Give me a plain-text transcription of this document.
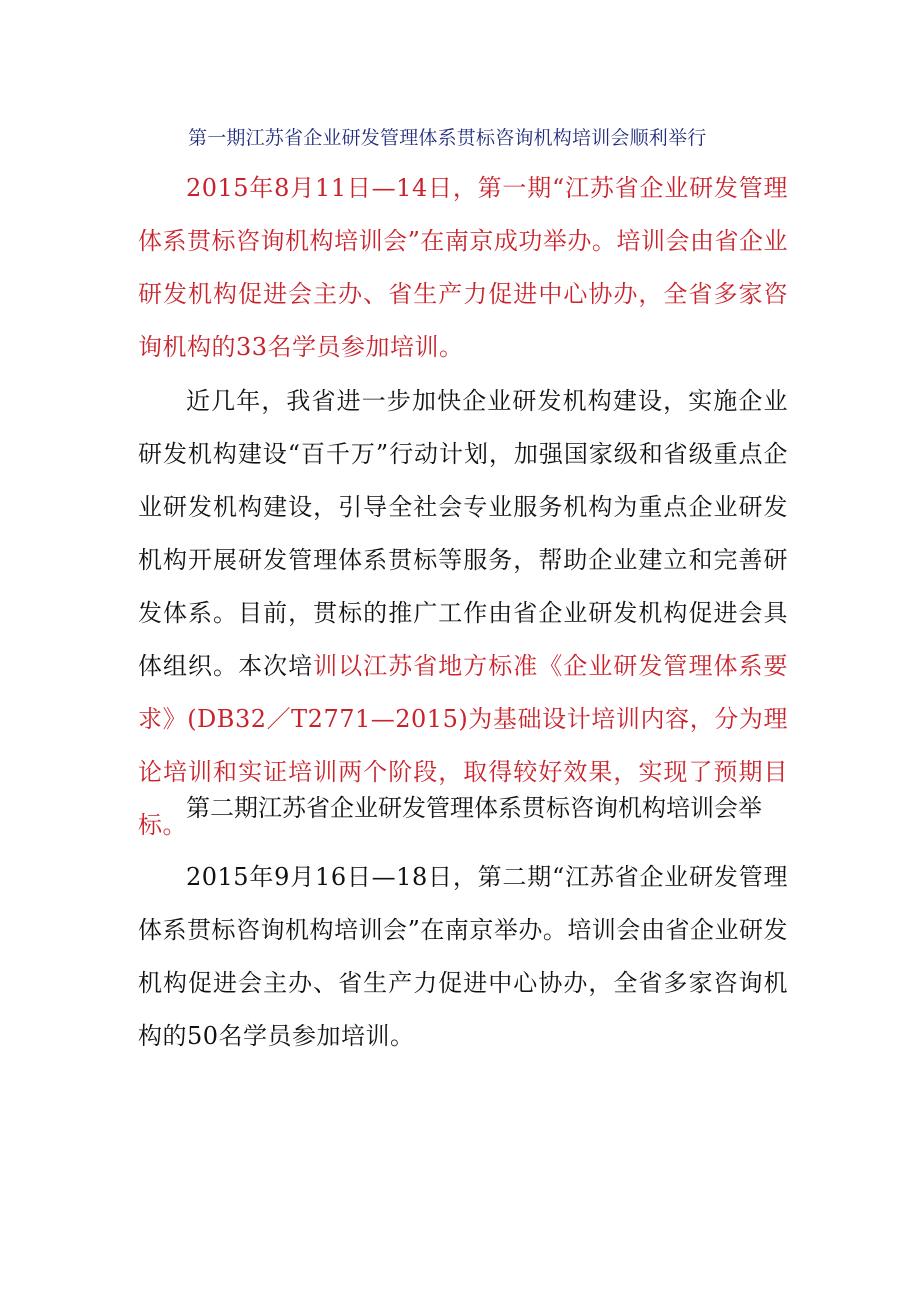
第一期江苏省企业研发管理体系贯标咨询机构培训会顺利举行
2015年8月11日—14日，第一期“江苏省企业研发管理体系贯标咨询机构培训会”在南京成功举办。培训会由省企业研发机构促进会主办、省生产力促进中心协办，全省多家咨询机构的33名学员参加培训。
近几年，我省进一步加快企业研发机构建设，实施企业研发机构建设“百千万”行动计划，加强国家级和省级重点企业研发机构建设，引导全社会专业服务机构为重点企业研发机构开展研发管理体系贯标等服务，帮助企业建立和完善研发体系。目前，贯标的推广工作由省企业研发机构促进会具体组织。本次培训以江苏省地方标准《企业研发管理体系要求》(DB32／T2771—2015)为基础设计培训内容，分为理论培训和实证培训两个阶段，取得较好效果，实现了预期目标。
第二期江苏省企业研发管理体系贯标咨询机构培训会举
2015年9月16日—18日，第二期“江苏省企业研发管理体系贯标咨询机构培训会”在南京举办。培训会由省企业研发机构促进会主办、省生产力促进中心协办，全省多家咨询机构的50名学员参加培训。
